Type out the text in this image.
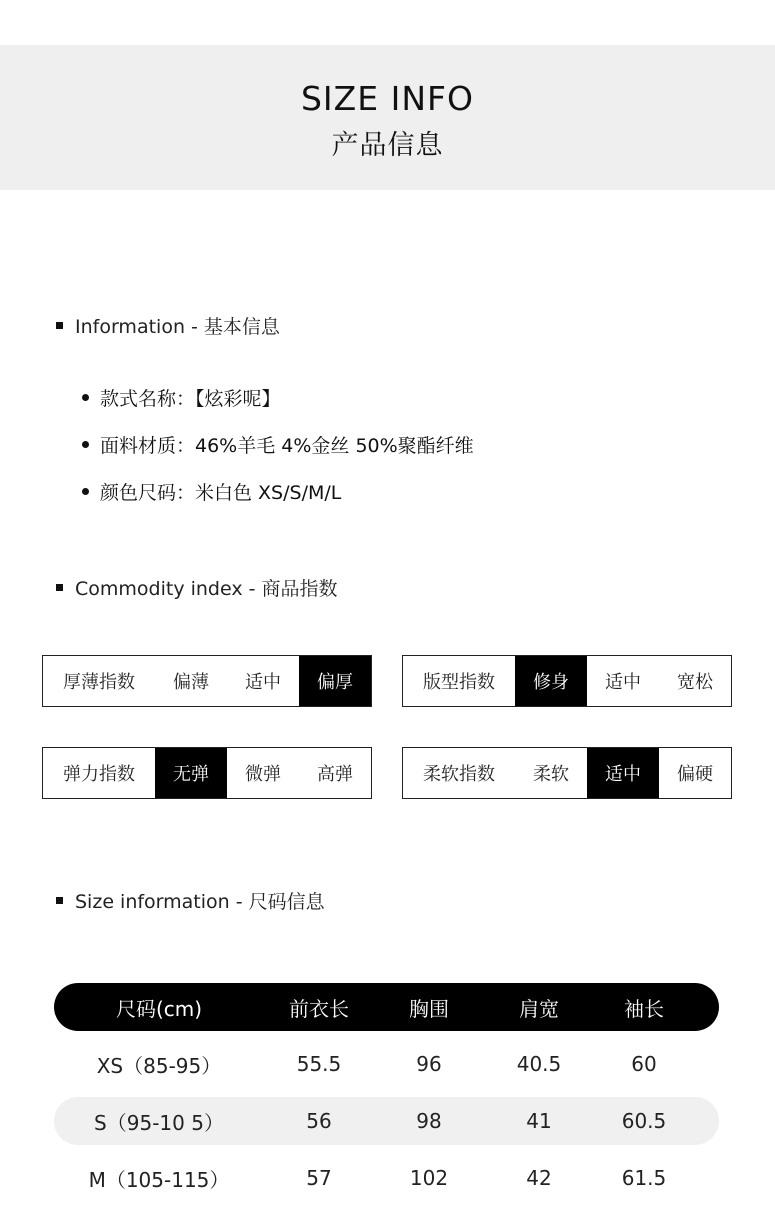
SIZE INFO
产品信息
Information - 基本信息
款式名称：【炫彩呢】
面料材质：46%羊毛 4%金丝 50%聚酯纤维
颜色尺码：米白色 XS/S/M/L
Commodity index - 商品指数
厚薄指数	偏薄	适中	偏厚	版型指数	修身	适中	宽松
弹力指数	无弹	微弹	高弹	柔软指数	柔软	适中	偏硬
Size information - 尺码信息
尺码(cm)	前衣长	胸围	肩宽	袖长
XS（85-95）	55.5	96	40.5	60
S（95-10 5）	56	98	41	60.5
M（105-115）	57	102	42	61.5
